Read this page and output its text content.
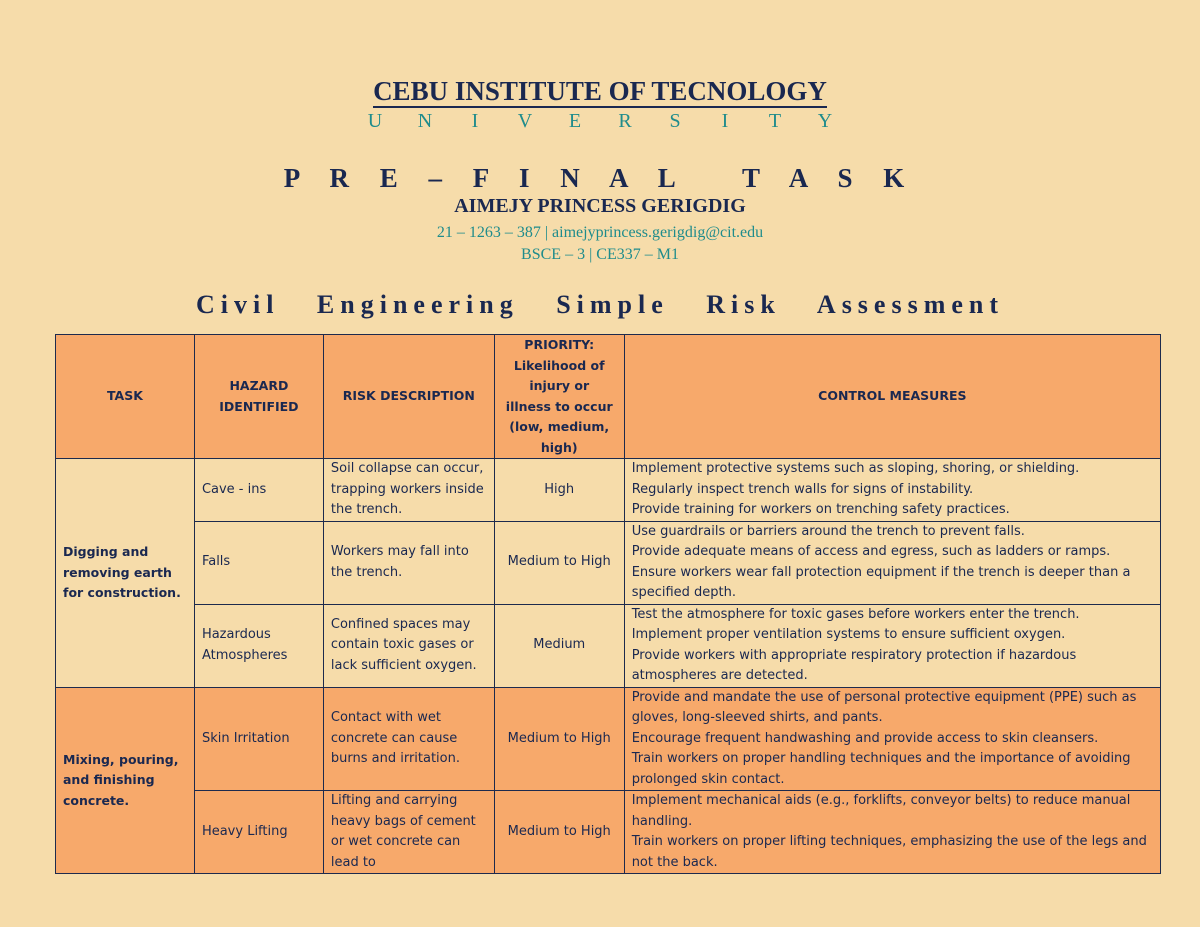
CEBU INSTITUTE OF TECNOLOGY
U N I V E R S I T Y
P R E – F I N A L   T A S K
AIMEJY PRINCESS GERIGDIG
21 – 1263 – 387 | aimejyprincess.gerigdig@cit.edu
BSCE – 3 | CE337 – M1
Civil   Engineering   Simple   Risk   Assessment
TASK	HAZARD IDENTIFIED	RISK DESCRIPTION	PRIORITY: Likelihood of injury or illness to occur (low, medium, high)	CONTROL MEASURES
Digging and removing earth for construction.	Cave - ins	Soil collapse can occur, trapping workers inside the trench.	High	Implement protective systems such as sloping, shoring, or shielding.
Regularly inspect trench walls for signs of instability.
Provide training for workers on trenching safety practices.

	Falls	Workers may fall into the trench.	Medium to High	Use guardrails or barriers around the trench to prevent falls.
Provide adequate means of access and egress, such as ladders or ramps.
Ensure workers wear fall protection equipment if the trench is deeper than a specified depth.

	Hazardous Atmospheres	Confined spaces may contain toxic gases or lack sufficient oxygen.	Medium	Test the atmosphere for toxic gases before workers enter the trench.
Implement proper ventilation systems to ensure sufficient oxygen.
Provide workers with appropriate respiratory protection if hazardous atmospheres are detected.

Mixing, pouring, and finishing concrete.	Skin Irritation	Contact with wet concrete can cause burns and irritation.	Medium to High	Provide and mandate the use of personal protective equipment (PPE) such as gloves, long-sleeved shirts, and pants.
Encourage frequent handwashing and provide access to skin cleansers.
Train workers on proper handling techniques and the importance of avoiding prolonged skin contact.

	Heavy Lifting	Lifting and carrying heavy bags of cement or wet concrete can lead to	Medium to High	Implement mechanical aids (e.g., forklifts, conveyor belts) to reduce manual handling.
Train workers on proper lifting techniques, emphasizing the use of the legs and not the back.
